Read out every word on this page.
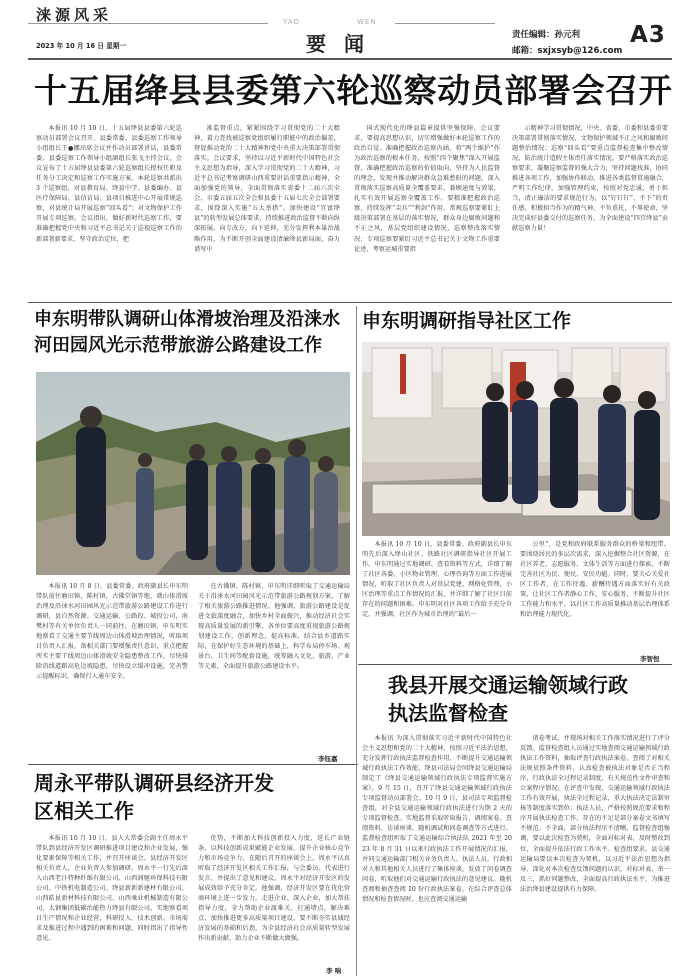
涞源风采
2023 年 10 月 16 日 星期一
YAO	WEN
要闻	责任编辑：孙元利
邮箱：sxjxsyb@126.com
A3
十五届绛县县委第六轮巡察动员部署会召开

本报讯 10 月 10 日，十五届绛县县委第六轮巡察动员部署会议召开。县委常委、县委巡察工作领导小组组长王●娜出席会议并作动员部署讲话，县委常委、县委巡察工作领导小组副组长张飞主持会议。会议宣布了十五届绛县县委第六轮巡察组长授权任职及任务分工决定和巡察工作实施方案。本轮巡察共派出 3 个巡察组，对县教育局、绛县中学、县委编办、县医疗保障局、县信访局、县项目推进中心开展常规巡察，对县统计局开展巡察“回头看”；对文物保护工作开展专项巡察。会议指出，做好新时代巡察工作，要准确把握党中央和习近平总书记关于巡视巡察工作的新部署新要求，坚守政治定位，把

准监督重点，紧紧围绕学习贯彻党的二十大精神，着力查找被巡察党组织履行职能中的政治偏差，督促推动党的二十大精神和党中央重大决策部署贯彻落实。会议要求，坚持以习近平新时代中国特色社会主义思想为指导，深入学习贯彻党的二十大精神，习近平总书记考察调研山西重要讲话重要指示精神，全面加强党的领导，全面贯彻落实省委十二届六次全会、市委五届五次全会和县委十五届七次全会部署要求，围绕深入实施“五大举措”、加快建设“宜富绛县”的转型发展总体要求，持续推进政治监督不断向纵深拓展。向专改方，向下延伸，充分发挥利本巢治战略作用，为不断开创全面建设清廉绛县新局面、奋力谱写中

国式现代化的绛县篇章提供坚强保障。会议要求，要提高思想认识，切实增强做好本轮巡察工作的政治自觉。准确把握政治巡察内涵，将“两个维护”作为政治巡察的根本任务，按照“四个聚焦”深入开展监督，准确把握政治巡察的价值取向，坚持为人民监督的理念，发现并推动解决群众急难愁盼的问题，深入贯彻落实巡察高质量全覆盖要求，兼顾速度与效果，扎实有效开展巡察全覆盖工作。要精准把握政治巡察，持续发挥“尖兵”“利剑”作用，常规巡察要紧盯上级决策部署在基层的落实情况，群众身边腐败问题和不正之风，基层党组织建设情况，巡察整改落实情况；专项巡察要紧盯习近平总书记关于文物工作重要论述、考察运城重要指

示精神学习贯彻情况，中央、省委、市委和县委重要决策部署贯彻落实情况，文物保护领域不正之风和腐败问题整治情况；巡察“回头看”要重点监督检查集中整改情况，防治统计造假主体责任落实情况。要严格落实政治巡察要求。凝聚巡察监督的强大合力，坚持问题找准，协同推进各项工作，加强协作联动，推进各类监督贯通融合，严明工作纪律，加强管理约束，按照对党忠诚，勇于担当，清正廉洁的要求规范行为，以“钉钉钉”、不下”的责任感，积极担当作为的精气神，不负重托，不辱使命，坚决完成好县委交付的巡察任务，为全面建设“四宜绛县”贡献巡察力量！

申东明带队调研山体滑坡治理及沿涞水
河田园风光示范带旅游公路建设工作

本报讯 10 月 8 日，县委常委、政府副县长申东明带队前往磨田镇、陈村镇，古佛堂镇等地，就山体滑坡治理及沿涞水河田园风光示范带旅游公路建设工作进行调研，县自然资源、交通运输、公路段、城投公司，南樊村等有关单位负责人一同前往。在磨田镇，申东明实地察看了交通主要节线周边山体滑坡治理情况，听取项目负责人汇报，备相关部门要增强责任意识，重点把握所实主要干线周边山体滑坡安全隐患整改工作，尽快排除沿线道路高危边坡隐患，尽快设立缓冲设施，完善警示提醒标识，确保行人通车安全。

在古佛镇、陈村镇，申东明详细听取了交通运输局关于沿涞水河田园风光示范带旅游公路规划方案，了解了相关旅游公路推进情况。他强调，旅游公路建设是促进文旅深度融合，加快乡村全面振兴，推动经济社会实现高质量发展的新引擎，各单位要高度重视旅游公路规划建设工作，创新理念，提高标准，结合县乡道路实际，在保护好生态环境的基础上，科学布局停车场、观景台、卫生间等配套设施，统筹融入文化、旅游、产业等元素，全面提升旅游公路建设水平。

李钰嘉
申东明调研指导社区工作

本报讯 10 月 10 日，县委常委、政府副县长申东明先后深入绛山社区、铁路社区调研指导社区开展工作。申东明通过实地调研、查看资料等方式，详细了解了社区各委、小区物业管理、心理咨询等方面工作进展情况，听取了社区负责人对基层党建，网格化管理，小区治理等重点工作情况的汇报，并详细了解了社区目前存在的问题和困难。申东明对社区各项工作给予充分肯定，并强调，社区作为城市治理的“最后一

公里”，是党和政府联系服务群众的桥梁和纽带。要围绕居民的多层次需求，深入挖掘整合社区资源，在社区养老、志愿服务、文体生活等方面进行探索，不断完善社区为民、便民、安民功能。同时，要关心关爱社区工作者，在工作待遇、薪酬待遇方面落实好有关政策，让社区工作者静心工作，安心服务，不断提升社区工作能力和水平，以社区工作高质量推动基层治理体系和治理能力现代化。

李智恒
周永平带队调研县经济开发
区相关工作

本报讯 10 月 10 日，县人大常委会副主任周永平带队到县经济开发区调研推进项目建设和企业发展，强化要素保障等相关工作，并召开座谈会。县经济开发区相关负责人，企业负责人参加调研。周永平一行先后深入山西老汗特种纤维有限公司、山西润驰环保科技有限公司、中铁机电制造公司、绛县新新新建材有限公司、山西皓昆新材科技有限公司、山西乘业机械制造有限公司、太钢集团低碳治能热力绛县有限公司，实地察看项目生产情况和企业经营，科研投入、技术创新、市场需求及推进过程中遇到的困难和问题，同时指出了指导性意见。

优势，不断加大科技创新投入力度，延长产业链条，以科技创新成果赋能企业发展，提升企业核心竞争力和市场竞争力。在随后召开的座谈会上，周永平认真听取了经济开发区相关工作汇报，与会委员、代表进行发言，并提出了意见和建议。周永平对经济开发区的发展成效给予充分肯定。他强调，经济开发区要在优化营商环境上进一步发力，走进企业、深入企业，加大帮扶指导力度，全力帮助企业渡难关，打通堵点，解决难点，加快推进更多高质量项目建设，要不断夯实县域经济发展的基础和后劲，为全县经济社会高质量转型发展作出新贡献、助力企业不断做大做强。

李 响
我县开展交通运输领域行政
执法监督检查

本报讯 为深入贯彻落实习近平新时代中国特色社会主义思想和党的二十大精神，按照习近平法治思想，充分发挥行政执法监督检查作用，不断提升交通运输领域行政执法工作效能，绛县司法局会同绛县交通运输局制定了《绛县交通运输领域行政执法专项监督实施方案》，9 月 15 日，召开了绛县交通运输领域行政执法专项监督动员部署会。10 月 9 日，县司法专项监督检查组，对全县交通运输领域行政执法进行为期 2 天的专项监督检查。实地监督采取听取报告、调阅案卷、查阅资料、访谈座谈、随机调试和问卷调查等方式进行。监督检查组听取了交通运输综合执法队 2021 年至 2023 年 8 月 31 日以来行政执法工作开展情况的汇报，并同交通运输部门相关业务负责人、执法人员，行政相对人和其他相关人员进行了集体座谈，发放了问卷调查问卷，听取他们对交通运输行政执法的意见建议。随机查阅和抽查查阅 10 份行政执法案卷，在综合评查总体情况和检查情况时，也应查阅交通运输

闭卷考试，并现场对相关工作落实情况进行了评分反馈。监督检查组人员通过实地查阅交通运输领域行政执法工作资料，抽取评查行政执法案卷，查阅了对相关法规依照条件资料，认真检查被执法对象是否正当程序，行政执法全过程记录制度，有关规范性文件审查和立案程序情况。在评查中发现，交通运输领域行政执法工作有效开展，执法全过程记录，重大执法决定法制审核等制度落实到位；执法人员，严格按照规范要求和程序开展执法检查工作，存在的不足是部分案卷文书填写不规范、不全面，部分执法程序不清晰，监督检查组强调，要以此次检查为契机，全面对标对表，及时整改到位，全面提升依法行政工作水平。检查组要求，县交通运输局要以本次检查为契机，以习近平法治思想为指导，深化对本次检查反馈问题的认识，对标对表，举一反三，抓好问题整改，全面提高行政执法水平，为推进法治绛县建设提供有力保障。
